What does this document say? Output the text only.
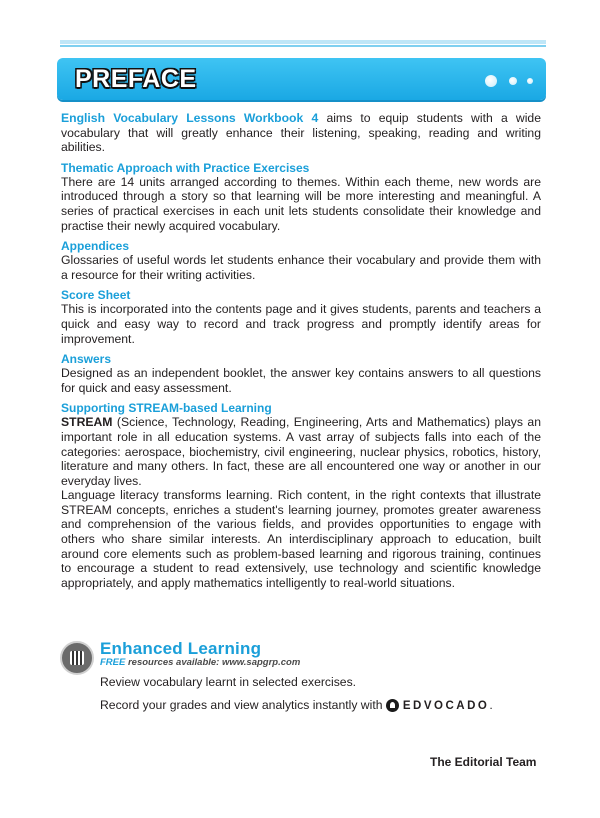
PREFACE

English Vocabulary Lessons Workbook 4 aims to equip students with a wide vocabulary that will greatly enhance their listening, speaking, reading and writing abilities.

Thematic Approach with Practice Exercises

There are 14 units arranged according to themes. Within each theme, new words are introduced through a story so that learning will be more interesting and meaningful. A series of practical exercises in each unit lets students consolidate their knowledge and practise their newly acquired vocabulary.

Appendices

Glossaries of useful words let students enhance their vocabulary and provide them with a resource for their writing activities.

Score Sheet

This is incorporated into the contents page and it gives students, parents and teachers a quick and easy way to record and track progress and promptly identify areas for improvement.

Answers

Designed as an independent booklet, the answer key contains answers to all questions for quick and easy assessment.

Supporting STREAM-based Learning

STREAM (Science, Technology, Reading, Engineering, Arts and Mathematics) plays an important role in all education systems. A vast array of subjects falls into each of the categories: aerospace, biochemistry, civil engineering, nuclear physics, robotics, history, literature and many others. In fact, these are all encountered one way or another in our everyday lives.

Language literacy transforms learning. Rich content, in the right contexts that illustrate STREAM concepts, enriches a student's learning journey, promotes greater awareness and comprehension of the various fields, and provides opportunities to engage with others who share similar interests. An interdisciplinary approach to education, built around core elements such as problem-based learning and rigorous training, continues to encourage a student to read extensively, use technology and scientific knowledge appropriately, and apply mathematics intelligently to real-world situations.

Enhanced Learning
FREE resources available: www.sapgrp.com
Review vocabulary learnt in selected exercises.
Record your grades and view analytics instantly with EDVOCADO.
The Editorial Team
